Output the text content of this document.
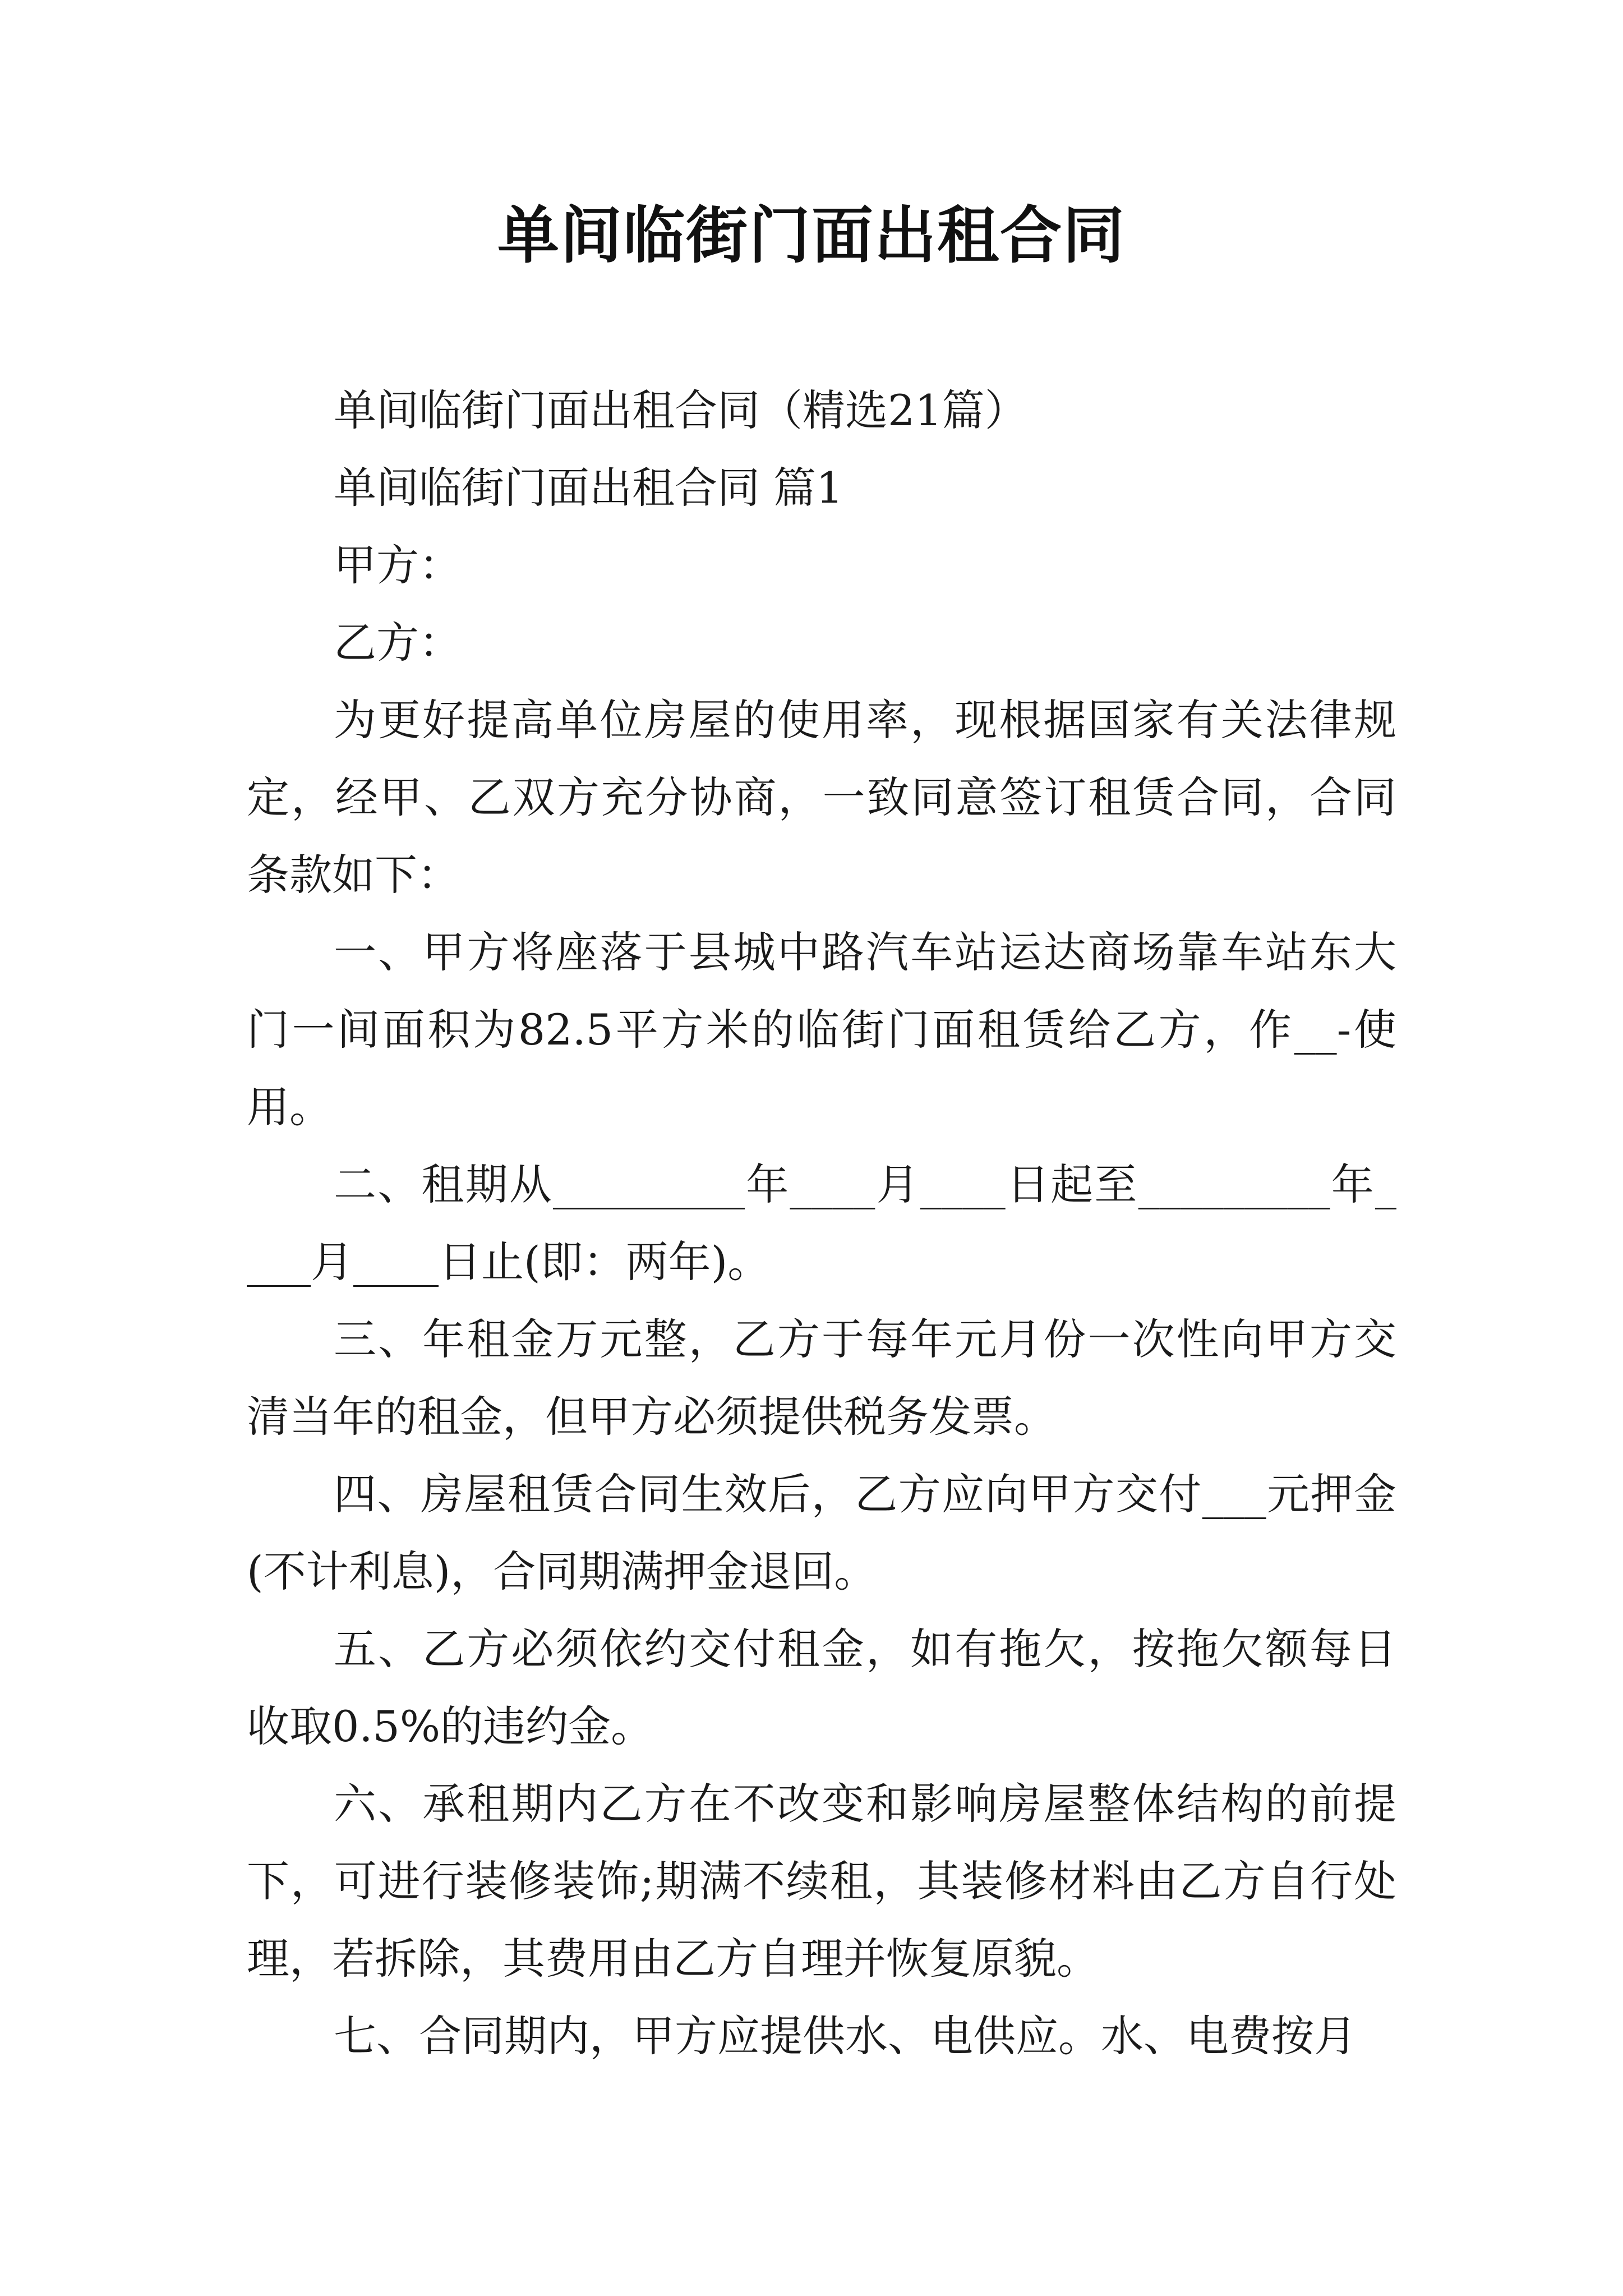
单间临街门面出租合同

单间临街门面出租合同（精选21篇）

单间临街门面出租合同 篇1

甲方：

乙方：

为更好提高单位房屋的使用率，现根据国家有关法律规定，经甲、乙双方充分协商，一致同意签订租赁合同，合同条款如下：

一、甲方将座落于县城中路汽车站运达商场靠车站东大门一间面积为82.5平方米的临街门面租赁给乙方，作__-使用。

二、租期从_________年____月____日起至_________年____月____日止(即：两年)。

三、年租金万元整，乙方于每年元月份一次性向甲方交清当年的租金，但甲方必须提供税务发票。

四、房屋租赁合同生效后，乙方应向甲方交付___元押金(不计利息)，合同期满押金退回。

五、乙方必须依约交付租金，如有拖欠，按拖欠额每日收取0.5%的违约金。

六、承租期内乙方在不改变和影响房屋整体结构的前提下，可进行装修装饰;期满不续租，其装修材料由乙方自行处理，若拆除，其费用由乙方自理并恢复原貌。

七、合同期内，甲方应提供水、电供应。水、电费按月
